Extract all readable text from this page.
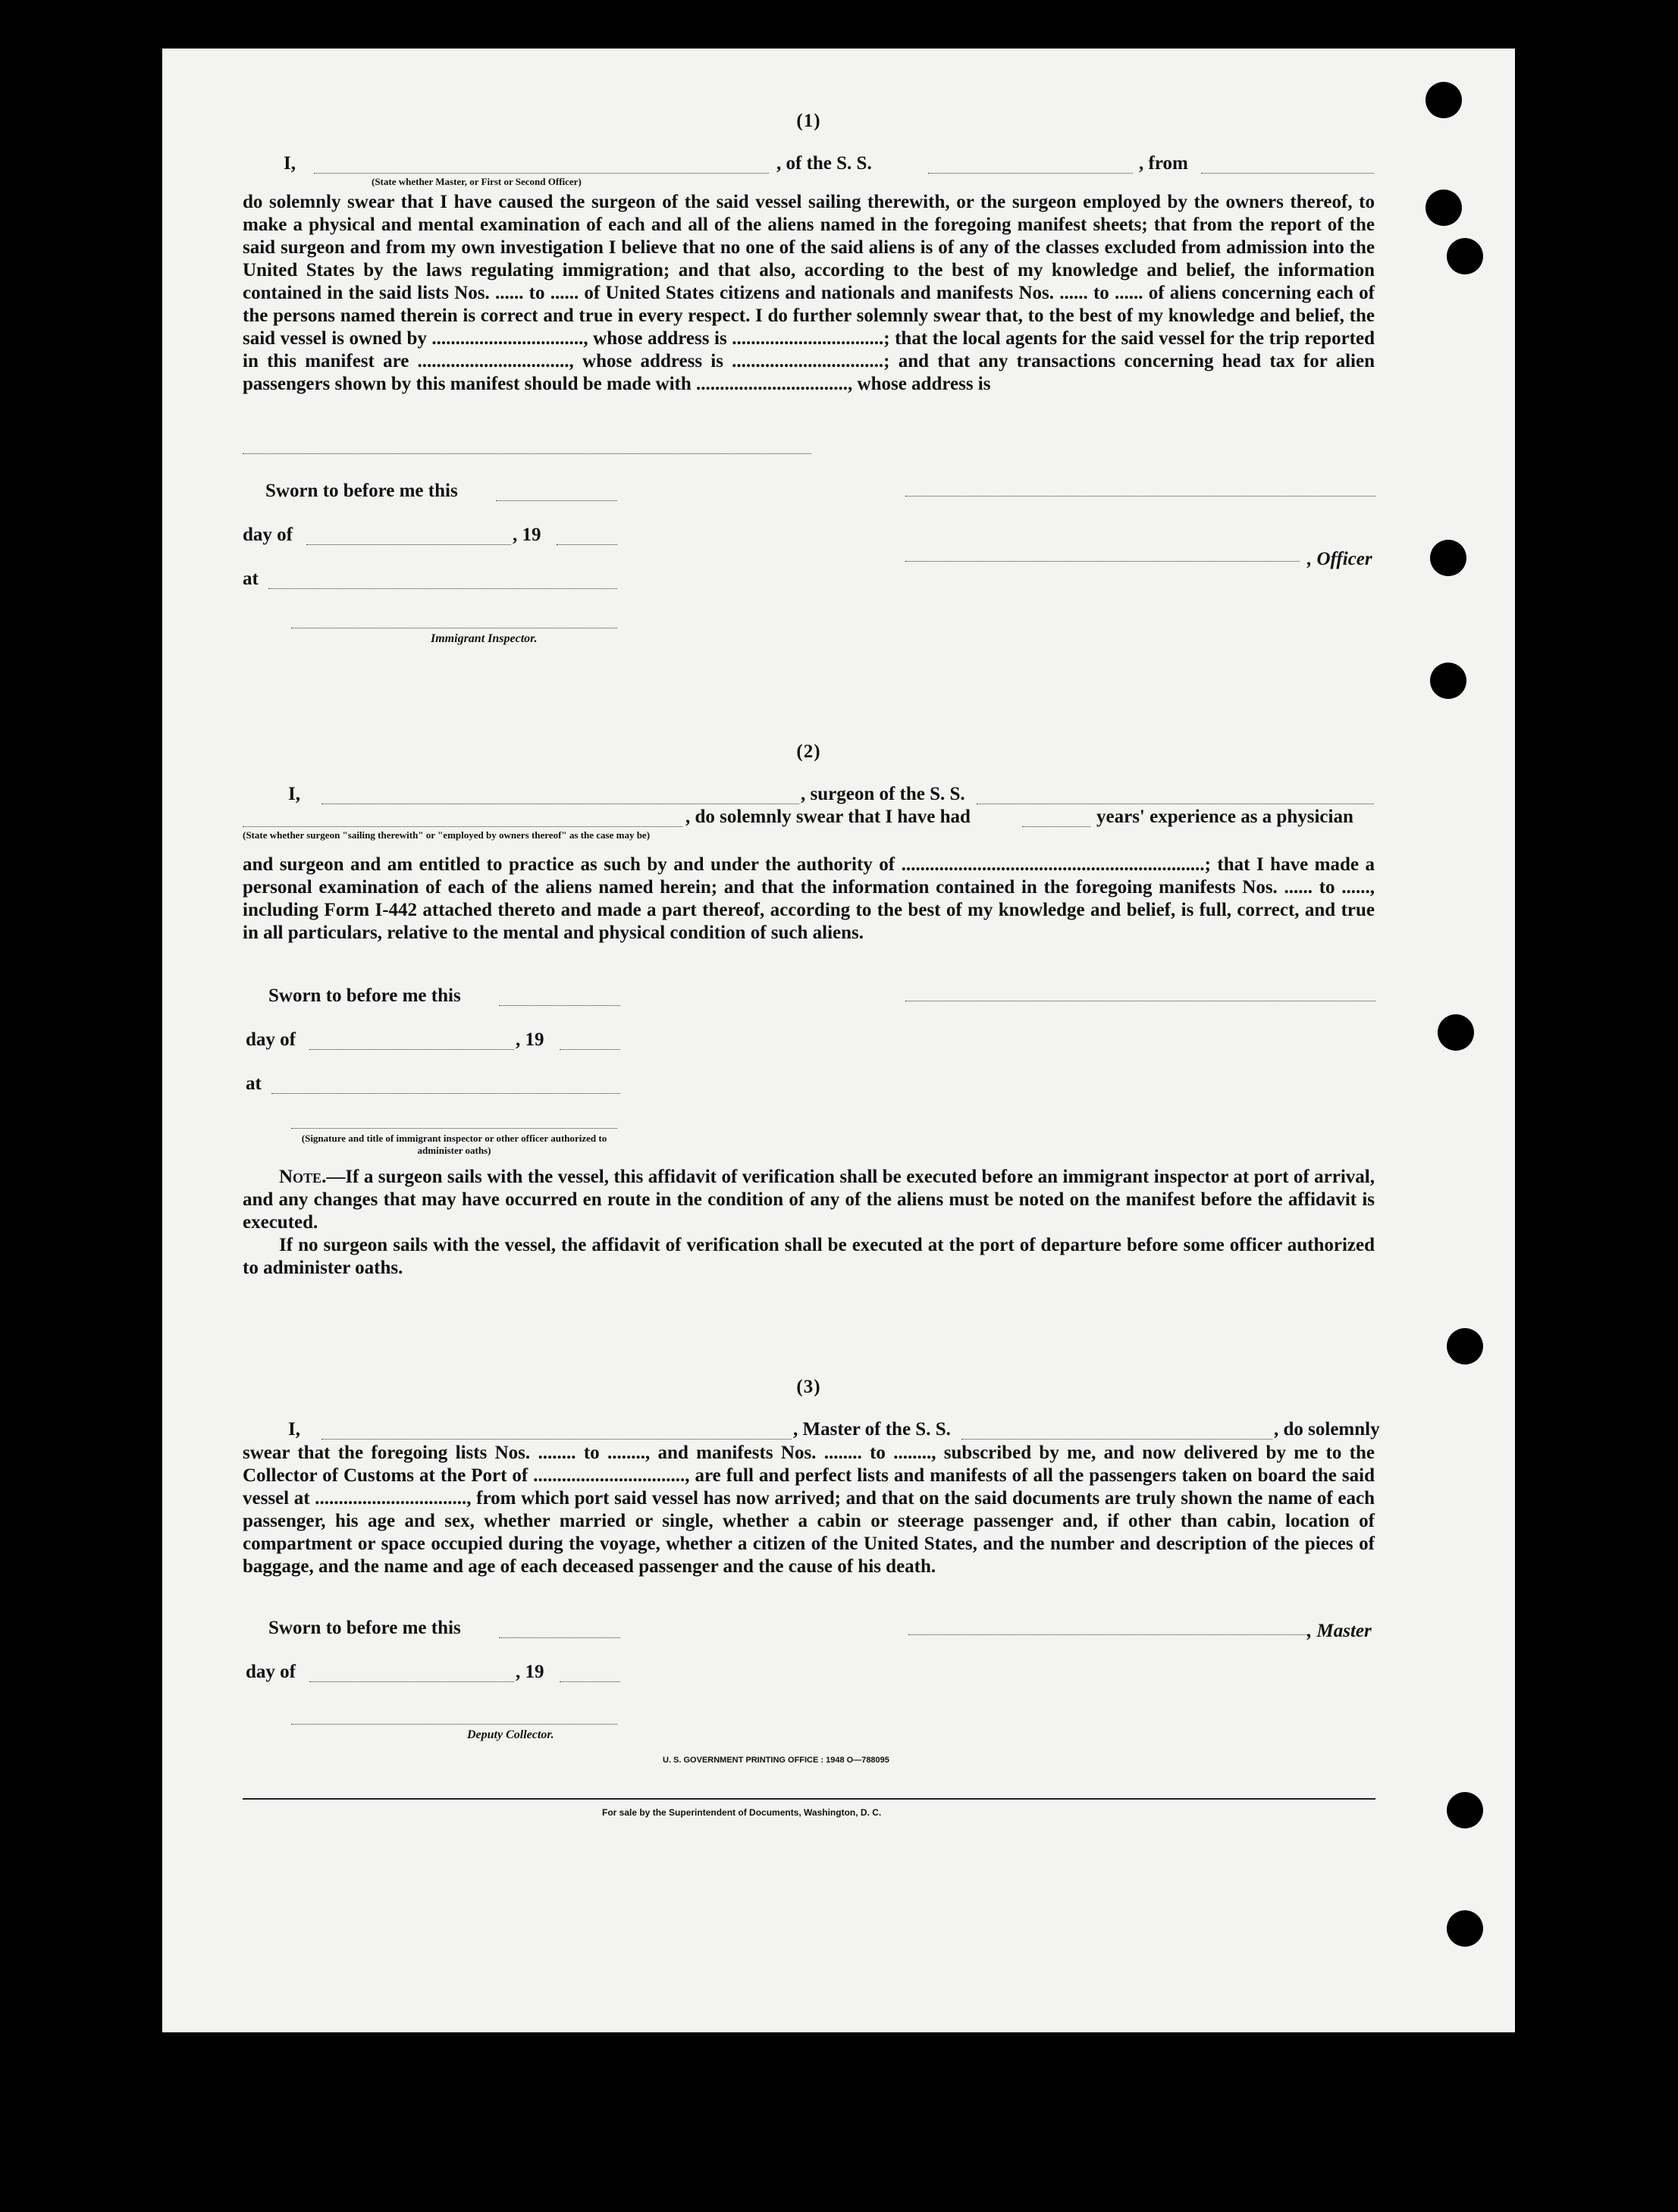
(1)
I,	, of the S. S.	, from
(State whether Master, or First or Second Officer)

do solemnly swear that I have caused the surgeon of the said vessel sailing therewith, or the surgeon employed by the owners thereof, to make a physical and mental examination of each and all of the aliens named in the foregoing manifest sheets; that from the report of the said surgeon and from my own investigation I believe that no one of the said aliens is of any of the classes excluded from admission into the United States by the laws regulating immigration; and that also, according to the best of my knowledge and belief, the information contained in the said lists Nos. ...... to ...... of United States citizens and nationals and manifests Nos. ...... to ...... of aliens concerning each of the persons named therein is correct and true in every respect. I do further solemnly swear that, to the best of my knowledge and belief, the said vessel is owned by ................................, whose address is ................................; that the local agents for the said vessel for the trip reported in this manifest are ................................, whose address is ................................; and that any transactions concerning head tax for alien passengers shown by this manifest should be made with ................................, whose address is

Sworn to before me this
day of	, 19
, Officer
at
Immigrant Inspector.
(2)
I,	, surgeon of the S. S.
, do solemnly swear that I have had	years' experience as a physician
(State whether surgeon "sailing therewith" or "employed by owners thereof" as the case may be)

and surgeon and am entitled to practice as such by and under the authority of ................................................................; that I have made a personal examination of each of the aliens named herein; and that the information contained in the foregoing manifests Nos. ...... to ......, including Form I-442 attached thereto and made a part thereof, according to the best of my knowledge and belief, is full, correct, and true in all particulars, relative to the mental and physical condition of such aliens.

Sworn to before me this
day of	, 19
at
(Signature and title of immigrant inspector or other officer authorized to administer oaths)

Note.—If a surgeon sails with the vessel, this affidavit of verification shall be executed before an immigrant inspector at port of arrival, and any changes that may have occurred en route in the condition of any of the aliens must be noted on the manifest before the affidavit is executed.

If no surgeon sails with the vessel, the affidavit of verification shall be executed at the port of departure before some officer authorized to administer oaths.

(3)
I,	, Master of the S. S.	, do solemnly

swear that the foregoing lists Nos. ........ to ........, and manifests Nos. ........ to ........, subscribed by me, and now delivered by me to the Collector of Customs at the Port of ................................, are full and perfect lists and manifests of all the passengers taken on board the said vessel at ................................, from which port said vessel has now arrived; and that on the said documents are truly shown the name of each passenger, his age and sex, whether married or single, whether a cabin or steerage passenger and, if other than cabin, location of compartment or space occupied during the voyage, whether a citizen of the United States, and the number and description of the pieces of baggage, and the name and age of each deceased passenger and the cause of his death.

Sworn to before me this	, Master
day of	, 19
Deputy Collector.
U. S. GOVERNMENT PRINTING OFFICE : 1948 O—788095
For sale by the Superintendent of Documents, Washington, D. C.
